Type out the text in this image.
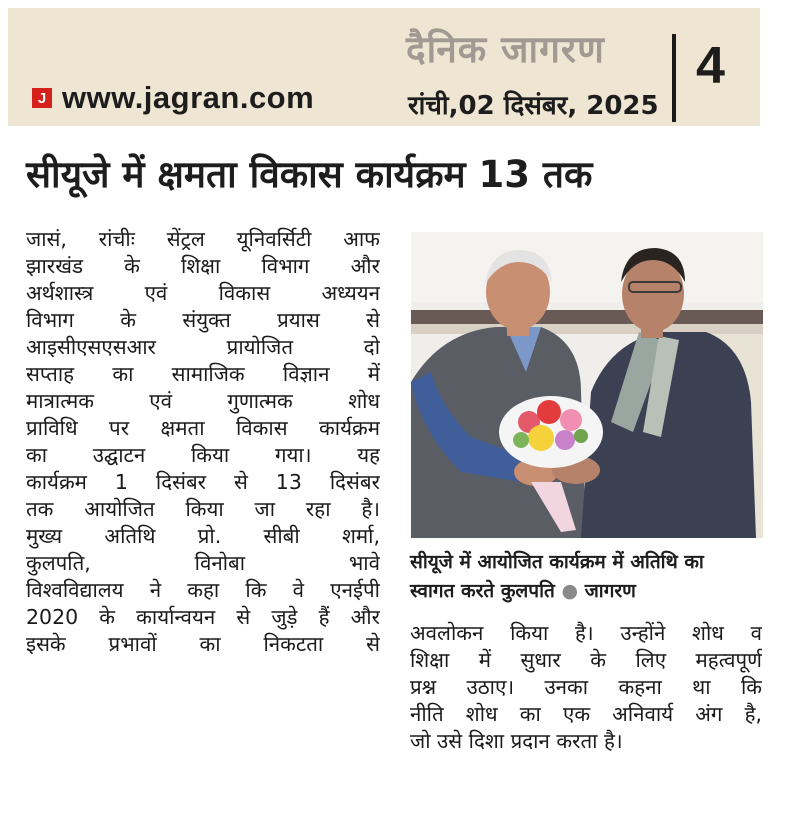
J www.jagran.com
दैनिक जागरण
रांची,02 दिसंबर, 2025
4
सीयूजे में क्षमता विकास कार्यक्रम 13 तक
जासं, रांचीः सेंट्रल यूनिवर्सिटी आफ
झारखंड के शिक्षा विभाग और
अर्थशास्त्र एवं विकास अध्ययन
विभाग के संयुक्त प्रयास से
आइसीएसएसआर प्रायोजित दो
सप्ताह का सामाजिक विज्ञान में
मात्रात्मक एवं गुणात्मक शोध
प्राविधि पर क्षमता विकास कार्यक्रम
का उद्घाटन किया गया। यह
कार्यक्रम 1 दिसंबर से 13 दिसंबर
तक आयोजित किया जा रहा है।
मुख्य अतिथि प्रो. सीबी शर्मा,
कुलपति, विनोबा भावे
विश्वविद्यालय ने कहा कि वे एनईपी
2020 के कार्यान्वयन से जुड़े हैं और
इसके प्रभावों का निकटता से
सीयूजे में आयोजित कार्यक्रम में अतिथि का
स्वागत करते कुलपति ● जागरण
अवलोकन किया है। उन्होंने शोध व
शिक्षा में सुधार के लिए महत्वपूर्ण
प्रश्न उठाए। उनका कहना था कि
नीति शोध का एक अनिवार्य अंग है,
जो उसे दिशा प्रदान करता है।
